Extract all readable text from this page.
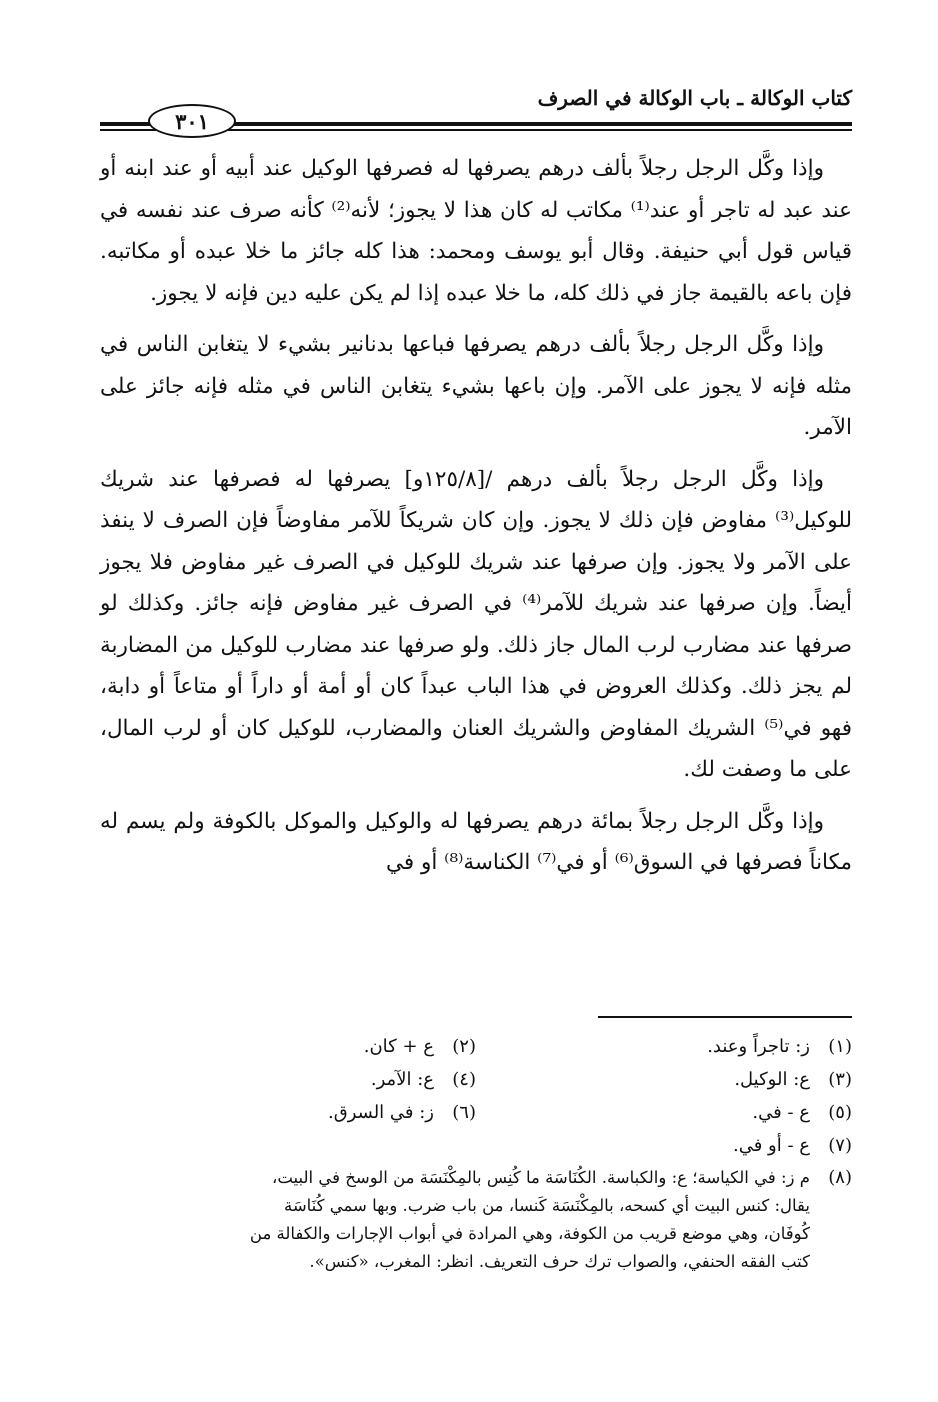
كتاب الوكالة ـ باب الوكالة في الصرف
٣٠١

وإذا وكَّل الرجل رجلاً بألف درهم يصرفها له فصرفها الوكيل عند أبيه أو عند ابنه أو عند عبد له تاجر أو عند⁽¹⁾ مكاتب له كان هذا لا يجوز؛ لأنه⁽²⁾ كأنه صرف عند نفسه في قياس قول أبي حنيفة. وقال أبو يوسف ومحمد: هذا كله جائز ما خلا عبده أو مكاتبه. فإن باعه بالقيمة جاز في ذلك كله، ما خلا عبده إذا لم يكن عليه دين فإنه لا يجوز.

وإذا وكَّل الرجل رجلاً بألف درهم يصرفها فباعها بدنانير بشيء لا يتغابن الناس في مثله فإنه لا يجوز على الآمر. وإن باعها بشيء يتغابن الناس في مثله فإنه جائز على الآمر.

وإذا وكَّل الرجل رجلاً بألف درهم /[١٢٥/٨و] يصرفها له فصرفها عند شريك للوكيل⁽³⁾ مفاوض فإن ذلك لا يجوز. وإن كان شريكاً للآمر مفاوضاً فإن الصرف لا ينفذ على الآمر ولا يجوز. وإن صرفها عند شريك للوكيل في الصرف غير مفاوض فلا يجوز أيضاً. وإن صرفها عند شريك للآمر⁽⁴⁾ في الصرف غير مفاوض فإنه جائز. وكذلك لو صرفها عند مضارب لرب المال جاز ذلك. ولو صرفها عند مضارب للوكيل من المضاربة لم يجز ذلك. وكذلك العروض في هذا الباب عبداً كان أو أمة أو داراً أو متاعاً أو دابة، فهو في⁽⁵⁾ الشريك المفاوض والشريك العنان والمضارب، للوكيل كان أو لرب المال، على ما وصفت لك.

وإذا وكَّل الرجل رجلاً بمائة درهم يصرفها له والوكيل والموكل بالكوفة ولم يسم له مكاناً فصرفها في السوق⁽⁶⁾ أو في⁽⁷⁾ الكناسة⁽⁸⁾ أو في

(١)ز: تاجراً وعند.
(٢)ع + كان.
(٣)ع: الوكيل.
(٤)ع: الآمر.
(٥)ع - في.
(٦)ز: في السرق.
(٧)ع - أو في.
(٨)م ز: في الكياسة؛ ع: والكباسة. الكُنَاسَة ما كُنِس بالمِكْنَسَة من الوسخ في البيت،
يقال: كنس البيت أي كسحه، بالمِكْنَسَة كَنسا، من باب ضرب. وبها سمي كُنَاسَة
كُوفَان، وهي موضع قريب من الكوفة، وهي المرادة في أبواب الإجارات والكفالة من
كتب الفقه الحنفي، والصواب ترك حرف التعريف. انظر: المغرب، «كنس».
